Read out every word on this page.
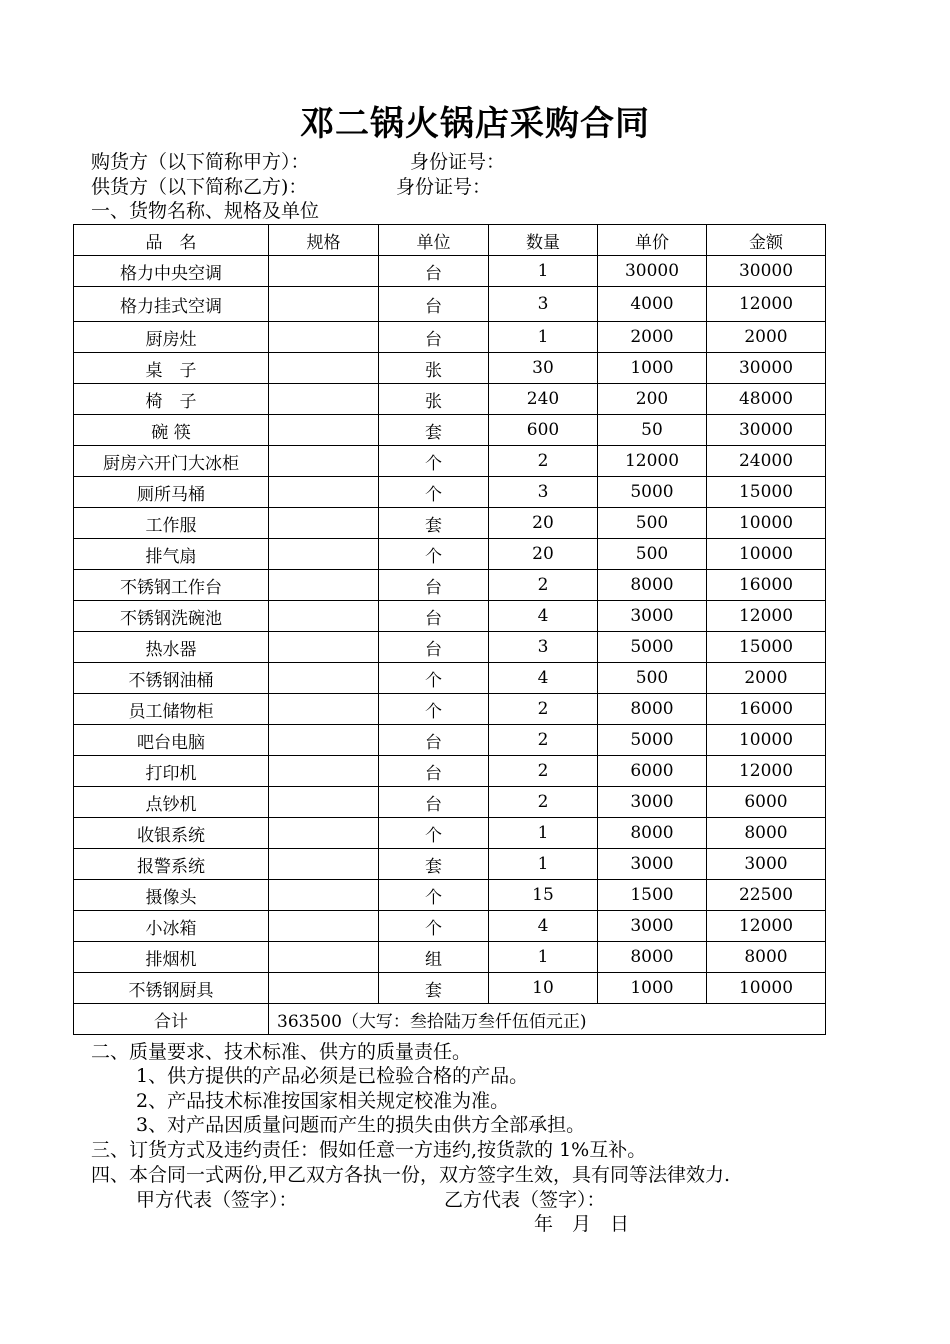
邓二锅火锅店采购合同
购货方（以下简称甲方）：	身份证号：
供货方（以下简称乙方)：	身份证号：
一、货物名称、规格及单位
品　名	规格	单位	数量	单价	金额
格力中央空调		台	1	30000	30000
格力挂式空调		台	3	4000	12000
厨房灶		台	1	2000	2000
桌　子		张	30	1000	30000
椅　子		张	240	200	48000
碗 筷		套	600	50	30000
厨房六开门大冰柜		个	2	12000	24000
厕所马桶		个	3	5000	15000
工作服		套	20	500	10000
排气扇		个	20	500	10000
不锈钢工作台		台	2	8000	16000
不锈钢洗碗池		台	4	3000	12000
热水器		台	3	5000	15000
不锈钢油桶		个	4	500	2000
员工储物柜		个	2	8000	16000
吧台电脑		台	2	5000	10000
打印机		台	2	6000	12000
点钞机		台	2	3000	6000
收银系统		个	1	8000	8000
报警系统		套	1	3000	3000
摄像头		个	15	1500	22500
小冰箱		个	4	3000	12000
排烟机		组	1	8000	8000
不锈钢厨具		套	10	1000	10000
合计	363500（大写：叁拾陆万叁仟伍佰元正)				
二、质量要求、技术标准、供方的质量责任。
1、供方提供的产品必须是已检验合格的产品。
2、产品技术标准按国家相关规定校准为准。
3、对产品因质量问题而产生的损失由供方全部承担。
三、订货方式及违约责任：假如任意一方违约,按货款的 1%互补。
四、本合同一式两份,甲乙双方各执一份，双方签字生效，具有同等法律效力.
甲方代表（签字）：	乙方代表（签字）：
年　月　日
